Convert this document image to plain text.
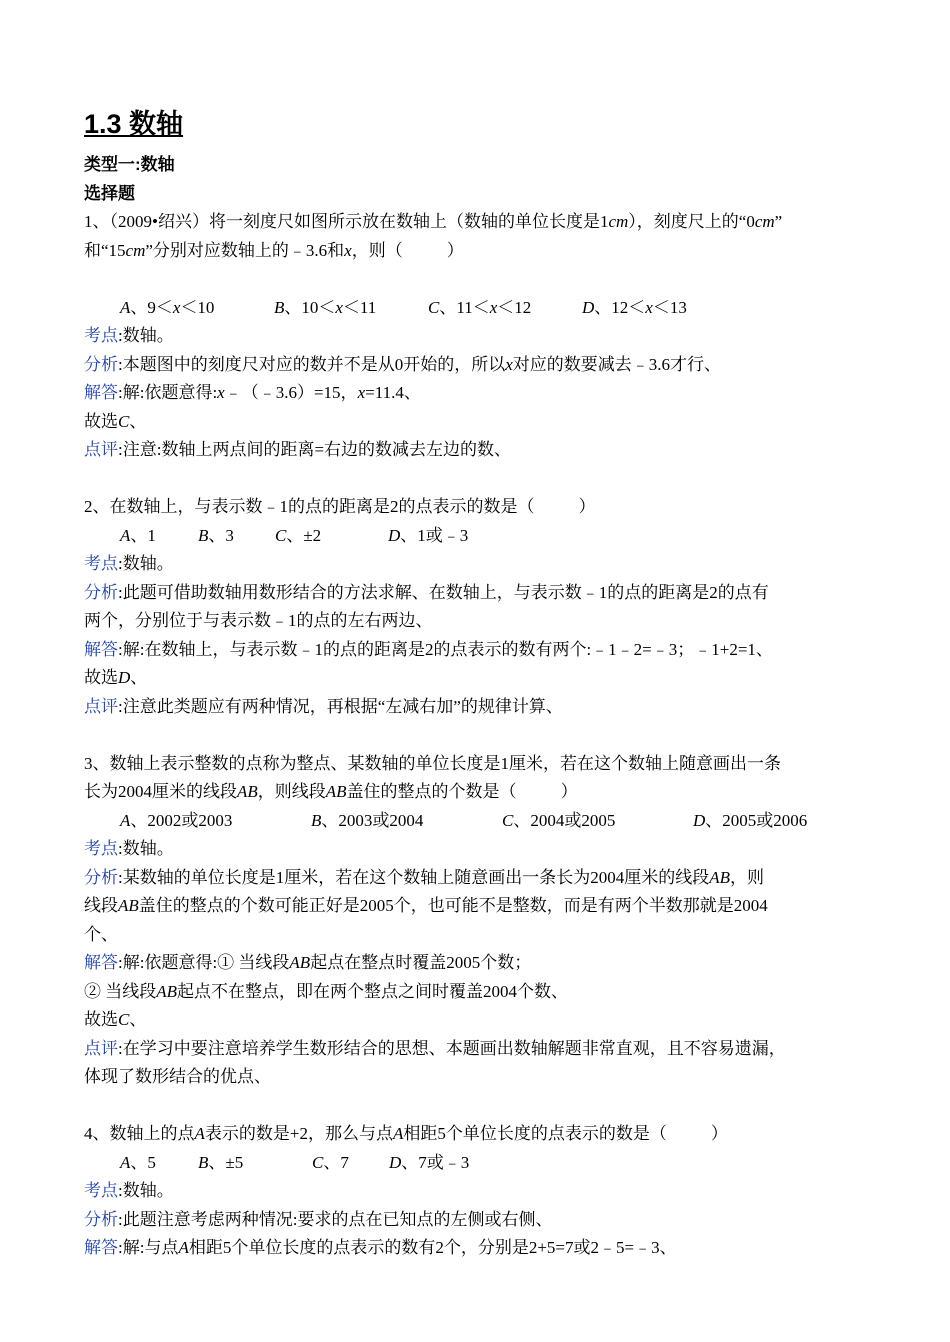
1.3 数轴
类型一:数轴
选择题

1、（2009•绍兴）将一刻度尺如图所示放在数轴上（数轴的单位长度是1cm），刻度尺上的“0cm”

和“15cm”分别对应数轴上的﹣3.6和x，则（	）

A、9＜x＜10	B、10＜x＜11	C、11＜x＜12	D、12＜x＜13

考点:数轴。

分析:本题图中的刻度尺对应的数并不是从0开始的，所以x对应的数要减去﹣3.6才行、

解答:解:依题意得:x﹣（﹣3.6）=15，x=11.4、

故选C、

点评:注意:数轴上两点间的距离=右边的数减去左边的数、

2、在数轴上，与表示数﹣1的点的距离是2的点表示的数是（	）

A、1 B、3 C、±2	D、1或﹣3

考点:数轴。

分析:此题可借助数轴用数形结合的方法求解、在数轴上，与表示数﹣1的点的距离是2的点有

两个，分别位于与表示数﹣1的点的左右两边、

解答:解:在数轴上，与表示数﹣1的点的距离是2的点表示的数有两个:﹣1﹣2=﹣3；﹣1+2=1、

故选D、

点评:注意此类题应有两种情况，再根据“左减右加”的规律计算、

3、数轴上表示整数的点称为整点、某数轴的单位长度是1厘米，若在这个数轴上随意画出一条

长为2004厘米的线段AB，则线段AB盖住的整点的个数是（	）

A、2002或2003	B、2003或2004	C、2004或2005	D、2005或2006

考点:数轴。

分析:某数轴的单位长度是1厘米，若在这个数轴上随意画出一条长为2004厘米的线段AB，则

线段AB盖住的整点的个数可能正好是2005个，也可能不是整数，而是有两个半数那就是2004

个、

解答:解:依题意得:① 当线段AB起点在整点时覆盖2005个数；

② 当线段AB起点不在整点，即在两个整点之间时覆盖2004个数、

故选C、

点评:在学习中要注意培养学生数形结合的思想、本题画出数轴解题非常直观，且不容易遗漏，

体现了数形结合的优点、

4、数轴上的点A表示的数是+2，那么与点A相距5个单位长度的点表示的数是（	）

A、5 B、±5	C、7 D、7或﹣3

考点:数轴。

分析:此题注意考虑两种情况:要求的点在已知点的左侧或右侧、

解答:解:与点A相距5个单位长度的点表示的数有2个，分别是2+5=7或2﹣5=﹣3、
